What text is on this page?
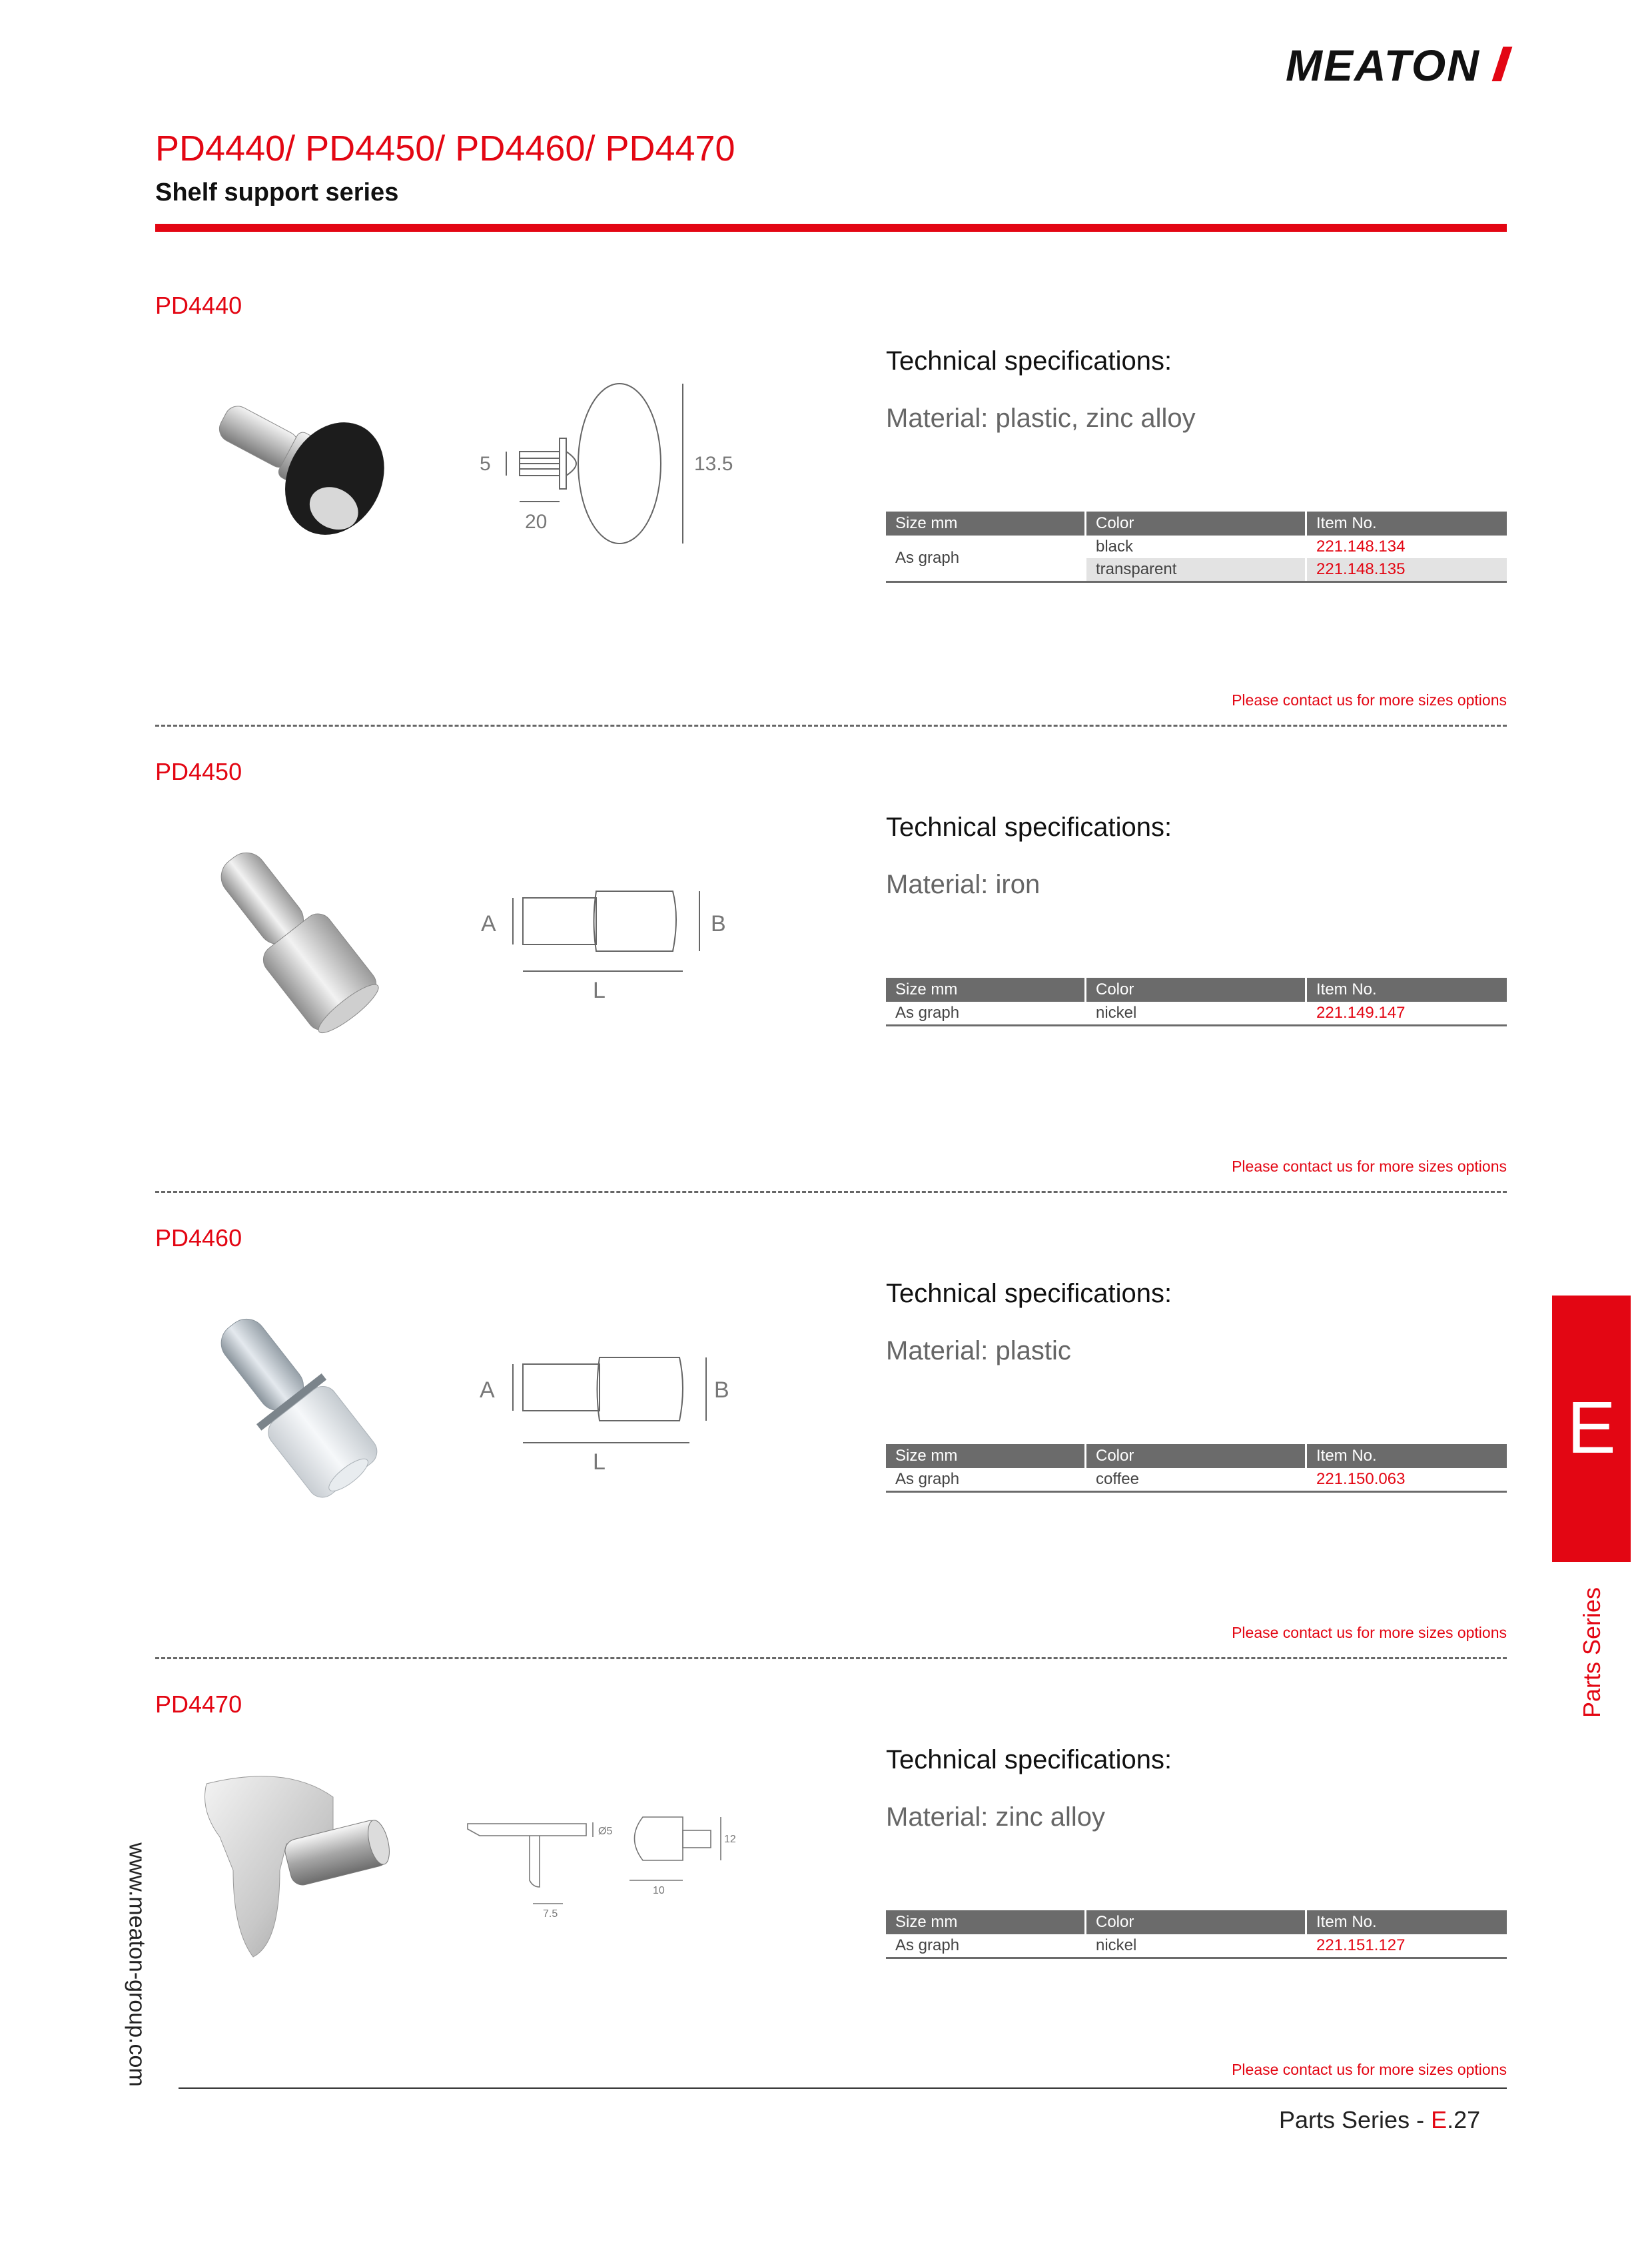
MEATON
PD4440/ PD4450/ PD4460/ PD4470
Shelf support series
PD4440
5	13.5
20
Technical specifications:
Material: plastic, zinc alloy
Size mm	Color	Item No.
As graph	black	221.148.134
	transparent	221.148.135
Please contact us for more sizes options
PD4450
A	B
L
Technical specifications:
Material: iron
Size mm	Color	Item No.
As graph	nickel	221.149.147
Please contact us for more sizes options
PD4460
A	B
L
Technical specifications:
Material: plastic
Size mm	Color	Item No.
As graph	coffee	221.150.063
Please contact us for more sizes options
PD4470
Ø5
12
7.5
10
Technical specifications:
Material: zinc alloy
Size mm	Color	Item No.
As graph	nickel	221.151.127
Please contact us for more sizes options
E
Parts Series
www.meaton-group.com
Parts Series - E.27
